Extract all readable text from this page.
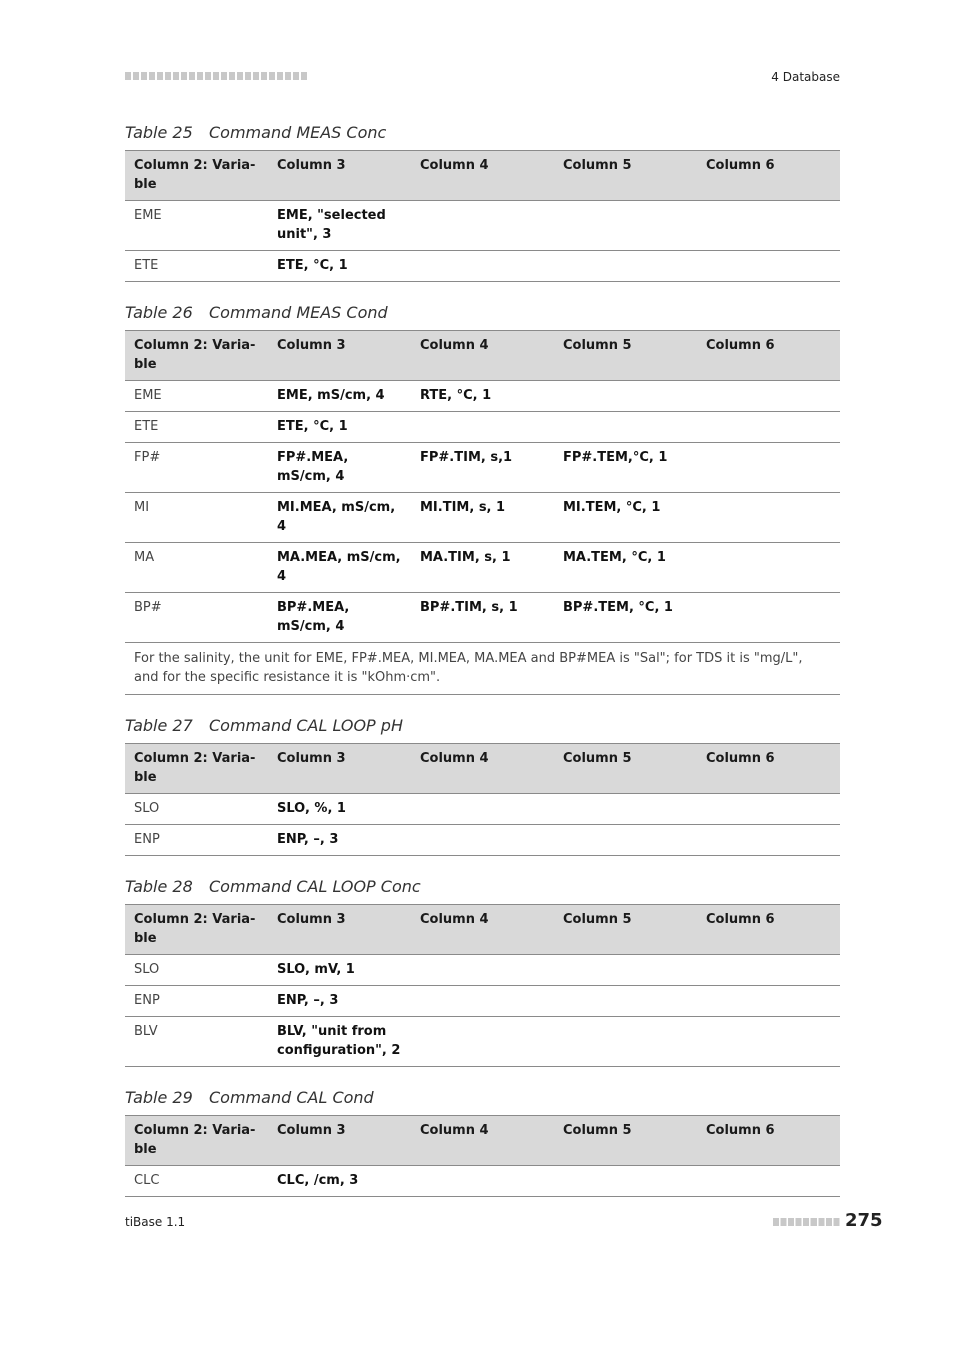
4 Database
Table 25 Command MEAS Conc
Column 2: Varia- ble	Column 3	Column 4	Column 5	Column 6
EME	EME, "selected unit", 3			
ETE	ETE, °C, 1			
Table 26 Command MEAS Cond
Column 2: Varia- ble	Column 3	Column 4	Column 5	Column 6
EME	EME, mS/cm, 4	RTE, °C, 1		
ETE	ETE, °C, 1			
FP#	FP#.MEA, mS/cm, 4	FP#.TIM, s,1	FP#.TEM,°C, 1	
MI	MI.MEA, mS/cm, 4	MI.TIM, s, 1	MI.TEM, °C, 1	
MA	MA.MEA, mS/cm, 4	MA.TIM, s, 1	MA.TEM, °C, 1	
BP#	BP#.MEA, mS/cm, 4	BP#.TIM, s, 1	BP#.TEM, °C, 1	
For the salinity, the unit for EME, FP#.MEA, MI.MEA, MA.MEA and BP#MEA is "Sal"; for TDS it is "mg/L", and for the specific resistance it is "kOhm·cm".				
Table 27 Command CAL LOOP pH
Column 2: Varia- ble	Column 3	Column 4	Column 5	Column 6
SLO	SLO, %, 1			
ENP	ENP, –, 3			
Table 28 Command CAL LOOP Conc
Column 2: Varia- ble	Column 3	Column 4	Column 5	Column 6
SLO	SLO, mV, 1			
ENP	ENP, –, 3			
BLV	BLV, "unit from configuration", 2			
Table 29 Command CAL Cond
Column 2: Varia- ble	Column 3	Column 4	Column 5	Column 6
CLC	CLC, /cm, 3			
tiBase 1.1	275
